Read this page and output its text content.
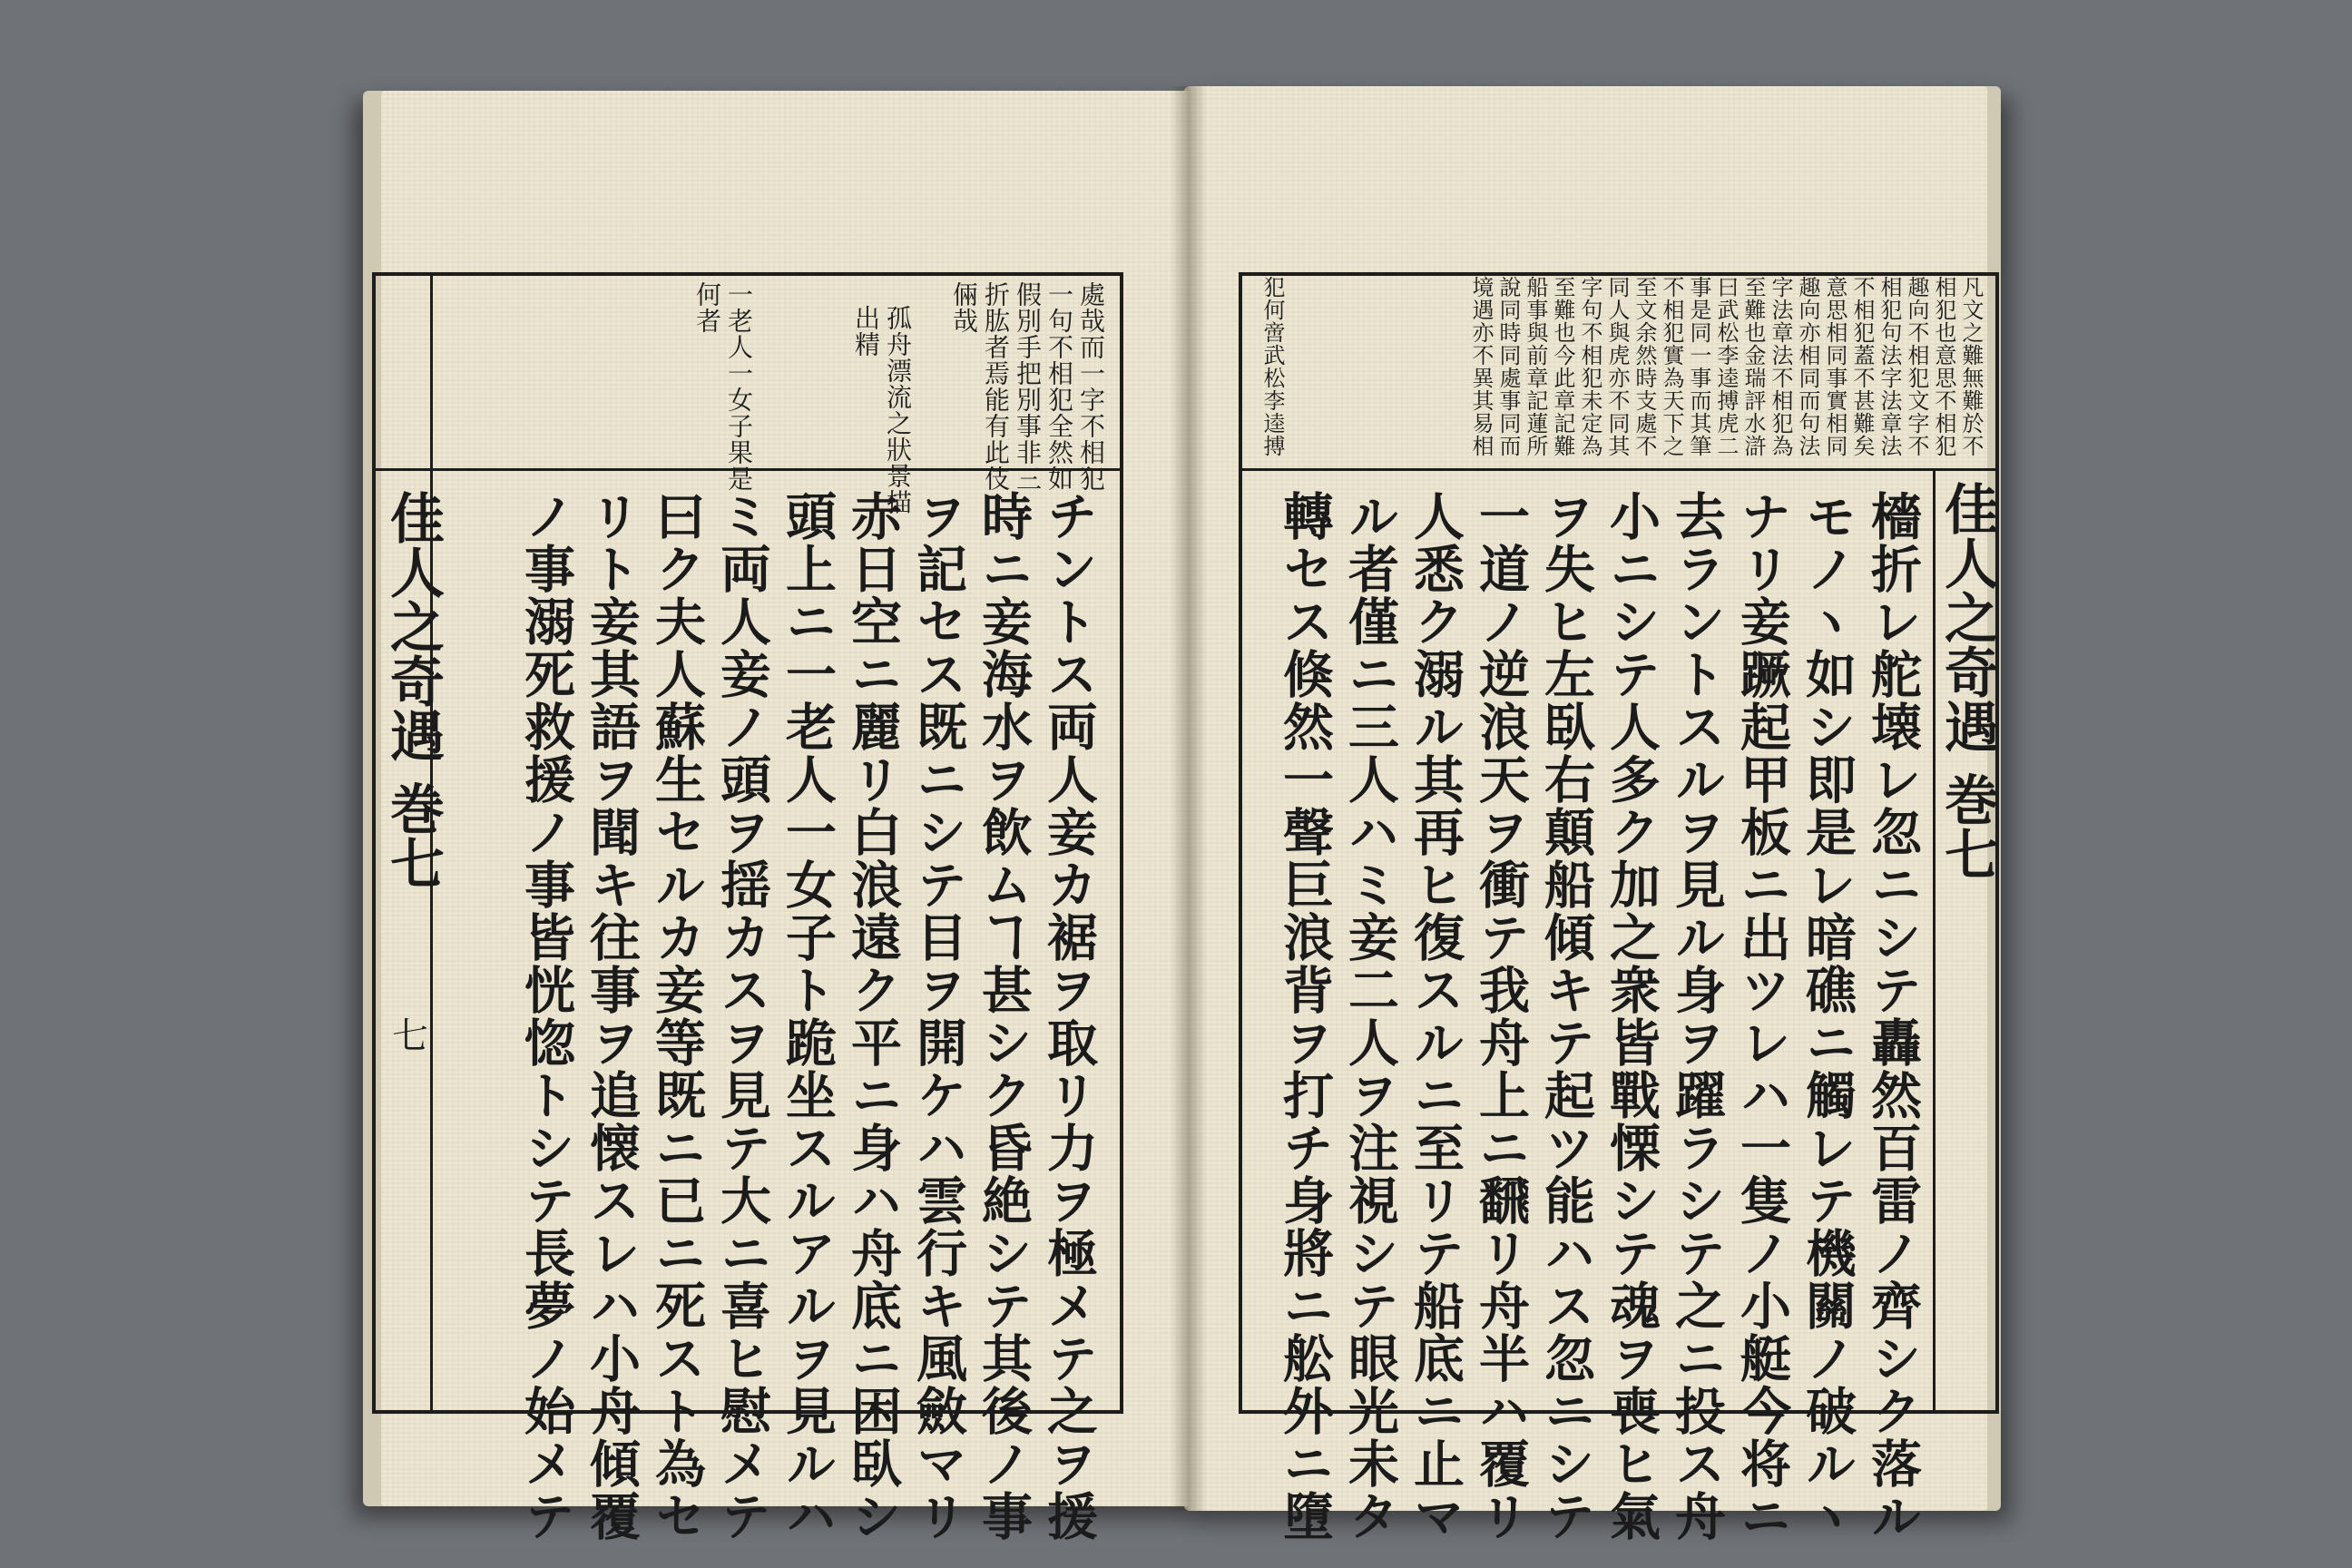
佳人之奇遇 巻七
七
處哉而一字不相犯
一句不相犯全然如
假別手把別事非三
折肱者焉能有此伎
倆哉
孤舟漂流之狀景描
出精
一老人一女子果是
何者
チントス両人妾カ裾ヲ取リ力ヲ極メテ之ヲ援
時ニ妾海水ヲ飲ムヿ甚シク昏絶シテ其後ノ事
ヲ記セス既ニシテ目ヲ開ケハ雲行キ風斂マリ
赤日空ニ麗リ白浪遠ク平ニ身ハ舟底ニ困臥シ
頭上ニ一老人一女子ト跪坐スルアルヲ見ルハ
ミ両人妾ノ頭ヲ揺カスヲ見テ大ニ喜ヒ慰メテ
曰ク夫人蘇生セルカ妾等既ニ已ニ死スト為セ
リト妾其語ヲ聞キ往事ヲ追懐スレハ小舟傾覆
ノ事溺死救援ノ事皆恍惚トシテ長夢ノ始メテ	佳人之奇遇 巻七
凡文之難無難於不
相犯也意思不相犯
趣向不相犯文字不
相犯句法字法章法
不相犯蓋不甚難矣
意思相同事實相同
趣向亦相同而句法
字法章法不相犯為
至難也金瑞評水滸
曰武松李逵搏虎二
事是同一事而其筆
不相犯實為天下之
至文余然時支處不
同人與虎亦不同其
字句不相犯未定為
至難也今此章記難
船事與前章記蓮所
說同時同處事同而
境遇亦不異其易相
犯何啻武松李逵搏
檣折レ舵壊レ忽ニシテ轟然百雷ノ齊シク落ル
モノヽ如シ即是レ暗礁ニ觸レテ機關ノ破ルヽ
ナリ妾蹶起甲板ニ出ツレハ一隻ノ小艇今将ニ
去ラントスルヲ見ル身ヲ躍ラシテ之ニ投ス舟
小ニシテ人多ク加之衆皆戰慄シテ魂ヲ喪ヒ氣
ヲ失ヒ左臥右顛船傾キテ起ツ能ハス忽ニシテ
一道ノ逆浪天ヲ衝テ我舟上ニ飜リ舟半ハ覆リ
人悉ク溺ル其再ヒ復スルニ至リテ船底ニ止マ
ル者僅ニ三人ハミ妾二人ヲ注視シテ眼光未タ
轉セス倏然一聲巨浪背ヲ打チ身將ニ舩外ニ墮
